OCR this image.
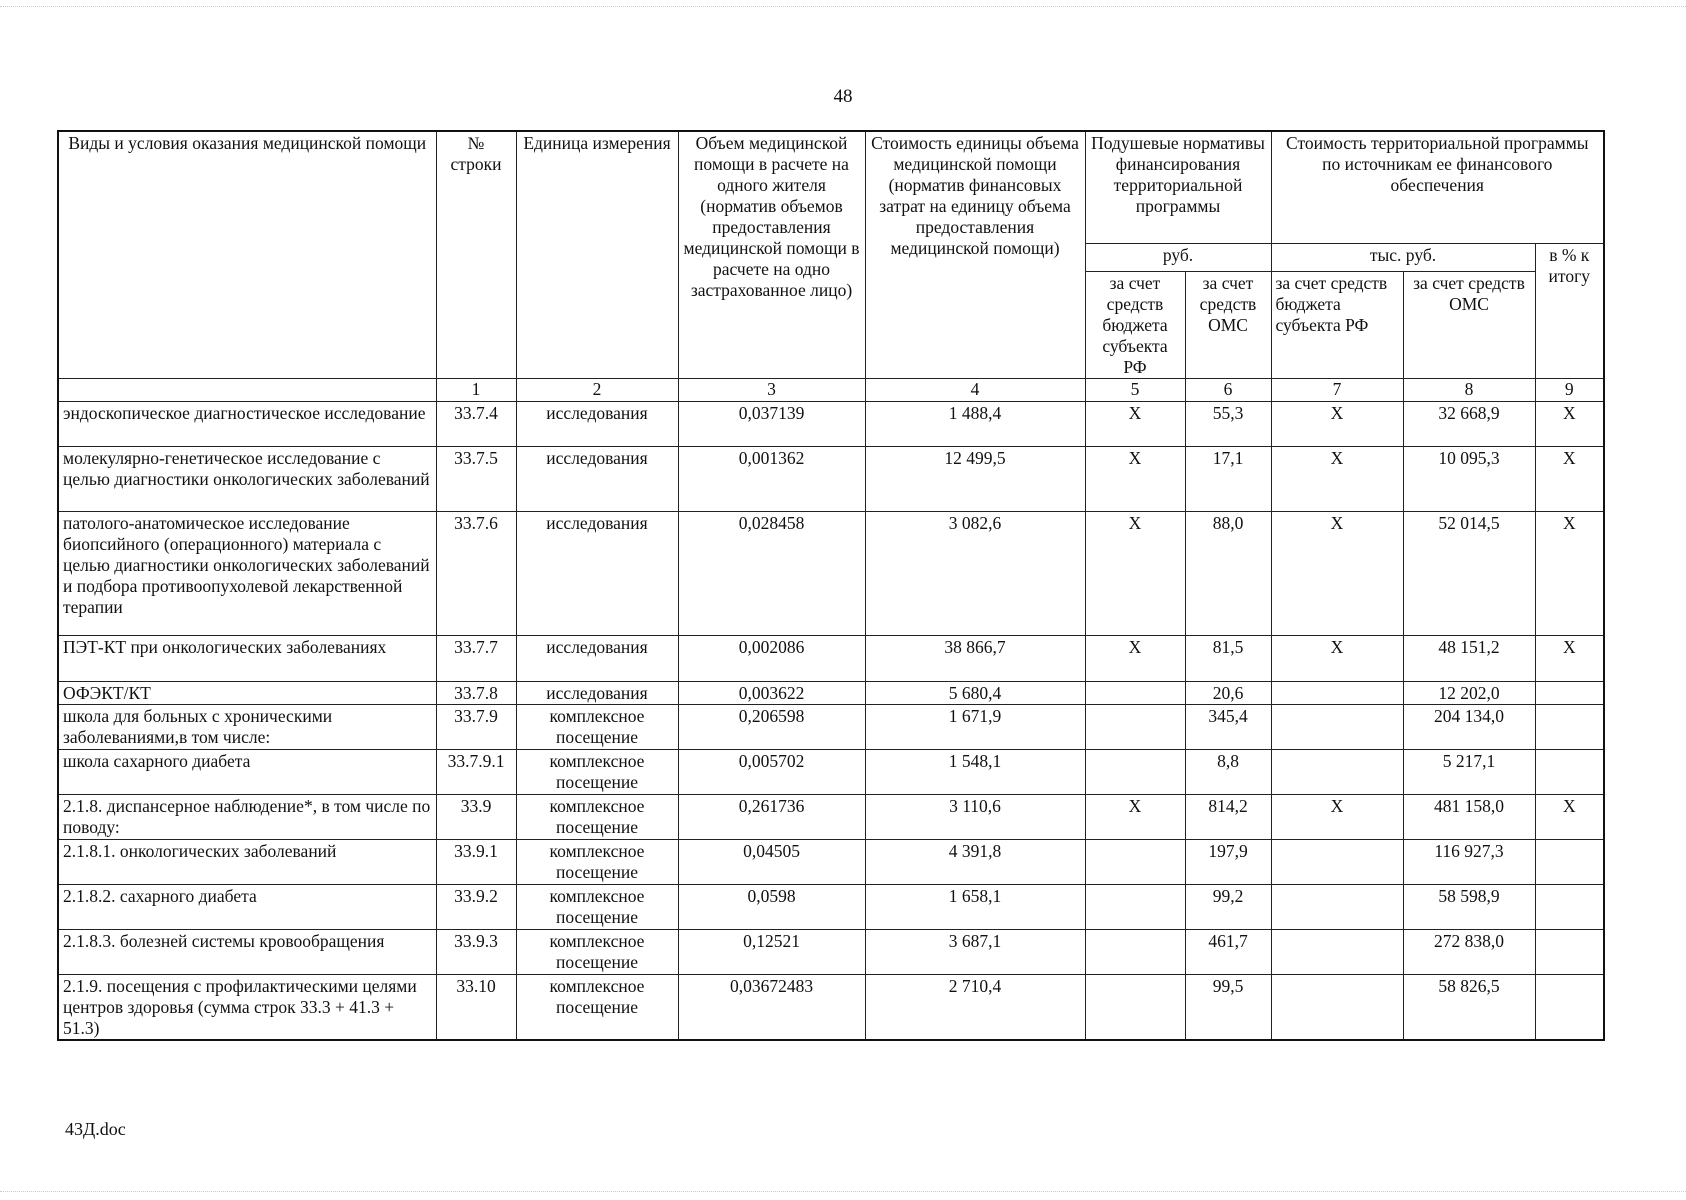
48
Виды и условия оказания медицинской помощи	№ строки	Единица измерения	Объем медицинской помощи в расчете на одного жителя (норматив объемов предоставления медицинской помощи в расчете на одно застрахованное лицо)	Стоимость единицы объема медицинской помощи (норматив финансовых затрат на единицу объема предоставления медицинской помощи)	Подушевые нормативы финансирования территориальной программы		Стоимость территориальной программы по источникам ее финансового обеспечения		
					руб.		тыс. руб.		в % к итогу
					за счет средств бюджета субъекта РФ	за счет средств ОМС	за счет средств бюджета субъекта РФ	за счет средств ОМС	
	1	2	3	4	5	6	7	8	9
эндоскопическое диагностическое исследование	33.7.4	исследования	0,037139	1 488,4	X	55,3	X	32 668,9	X
молекулярно-генетическое исследование с целью диагностики онкологических заболеваний	33.7.5	исследования	0,001362	12 499,5	X	17,1	X	10 095,3	X
патолого-анатомическое исследование биопсийного (операционного) материала с целью диагностики онкологических заболеваний и подбора противоопухолевой лекарственной терапии	33.7.6	исследования	0,028458	3 082,6	X	88,0	X	52 014,5	X
ПЭТ-КТ при онкологических заболеваниях	33.7.7	исследования	0,002086	38 866,7	X	81,5	X	48 151,2	X
ОФЭКТ/КТ	33.7.8	исследования	0,003622	5 680,4		20,6		12 202,0	
школа для больных с хроническими заболеваниями,в том числе:	33.7.9	комплексное посещение	0,206598	1 671,9		345,4		204 134,0	
школа сахарного диабета	33.7.9.1	комплексное посещение	0,005702	1 548,1		8,8		5 217,1	
2.1.8. диспансерное наблюдение*, в том числе по поводу:	33.9	комплексное посещение	0,261736	3 110,6	X	814,2	X	481 158,0	X
2.1.8.1. онкологических заболеваний	33.9.1	комплексное посещение	0,04505	4 391,8		197,9		116 927,3	
2.1.8.2. сахарного диабета	33.9.2	комплексное посещение	0,0598	1 658,1		99,2		58 598,9	
2.1.8.3. болезней системы кровообращения	33.9.3	комплексное посещение	0,12521	3 687,1		461,7		272 838,0	
2.1.9. посещения с профилактическими целями центров здоровья (сумма строк 33.3 + 41.3 + 51.3)	33.10	комплексное посещение	0,03672483	2 710,4		99,5		58 826,5	
43Д.doc
